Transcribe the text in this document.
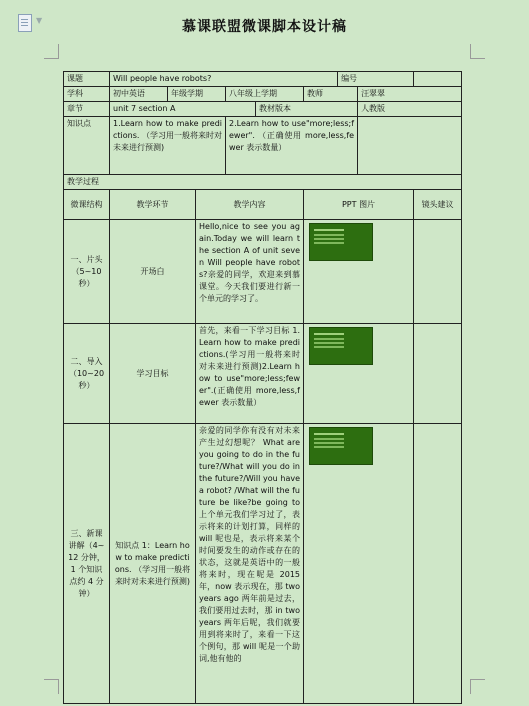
▼	慕课联盟微课脚本设计稿
课题	Will people have robots?						编号		
学科	初中英语	年级学期		八年级上学期		教师		汪翠翠	
章节	unit 7 section A				教材版本			人教版	
知识点	1.Learn how to make predictions. （学习用一般将来时对未来进行预测)			2.Learn how to use"more;less;fewer". （正确使用 more,less,fewer 表示数量）					
教学过程									
微课结构	教学环节		教学内容			PPT 图片			镜头建议
一、片头（5~10 秒）	开场白		Hello,nice to see you again.Today we will learn the section A of unit seven Will people have robots?亲爱的同学，欢迎来到慕课堂。今天我们要进行新一个单元的学习了。					

二、导入（10~20 秒）	学习目标		首先，来看一下学习目标 1.Learn how to make predictions.(学习用一般将来时对未来进行预测)2.Learn how to use"more;less;fewer".(正确使用 more,less,fewer 表示数量）					

三、新课讲解（4~12 分钟，1 个知识点约 4 分钟）	知识点 1：Learn how to make predictions. （学习用一般将来时对未来进行预测)		亲爱的同学你有没有对未来产生过幻想呢？ What are you going to do in the future?/What will you do in the future?/Will you have a robot? /What will the future be like?be going to 上个单元我们学习过了，表示将来的计划打算，同样的 will 呢也是，表示将来某个时间要发生的动作或存在的状态，这就是英语中的一般将来时，现在呢是 2015 年，now 表示现在，那 two years ago 两年前是过去，我们要用过去时，那 in two years 两年后呢，我们就要用到将来时了，来看一下这个例句，那 will 呢是一个助词,他有他的					
